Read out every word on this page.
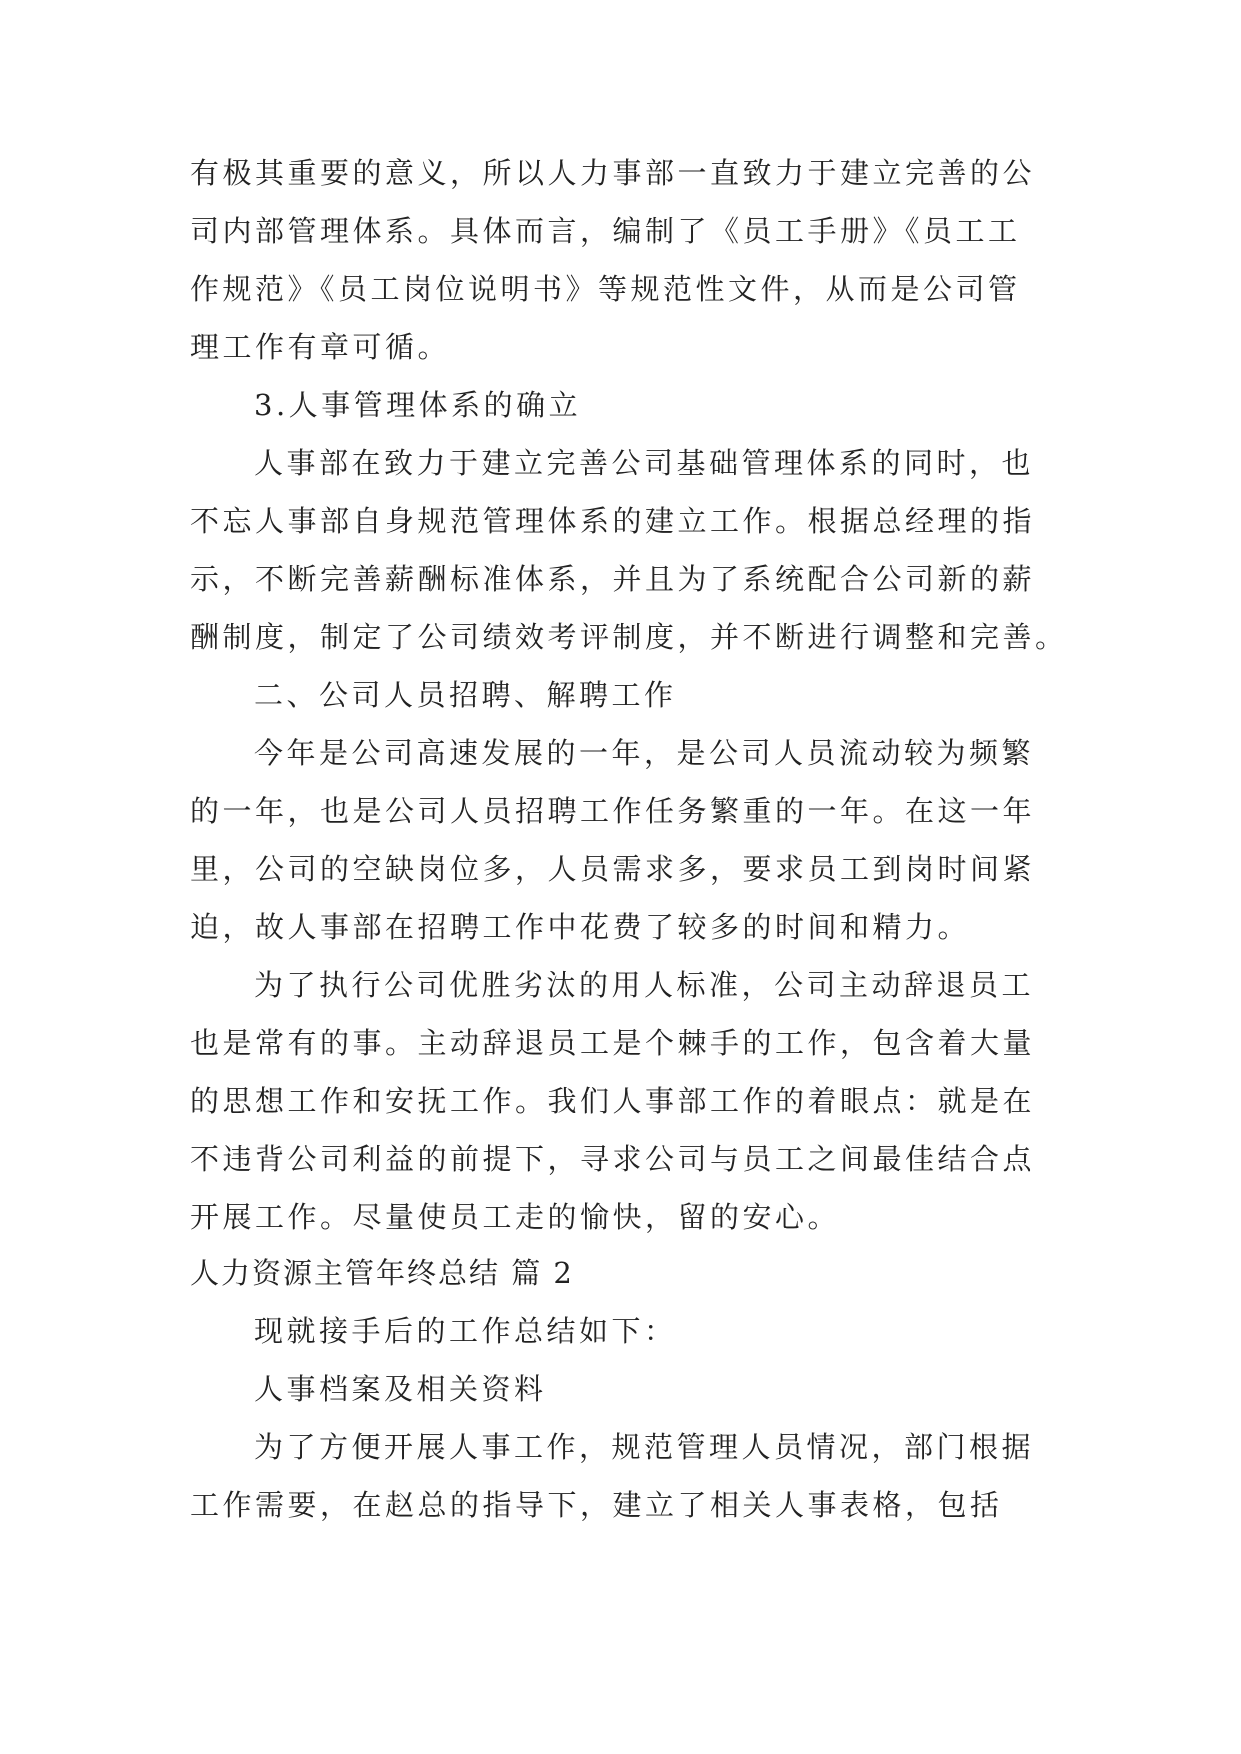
有极其重要的意义，所以人力事部一直致力于建立完善的公
司内部管理体系。具体而言，编制了《员工手册》《员工工
作规范》《员工岗位说明书》等规范性文件，从而是公司管
理工作有章可循。
3.人事管理体系的确立
人事部在致力于建立完善公司基础管理体系的同时，也
不忘人事部自身规范管理体系的建立工作。根据总经理的指
示，不断完善薪酬标准体系，并且为了系统配合公司新的薪
酬制度，制定了公司绩效考评制度，并不断进行调整和完善。
二、公司人员招聘、解聘工作
今年是公司高速发展的一年，是公司人员流动较为频繁
的一年，也是公司人员招聘工作任务繁重的一年。在这一年
里，公司的空缺岗位多，人员需求多，要求员工到岗时间紧
迫，故人事部在招聘工作中花费了较多的时间和精力。
为了执行公司优胜劣汰的用人标准，公司主动辞退员工
也是常有的事。主动辞退员工是个棘手的工作，包含着大量
的思想工作和安抚工作。我们人事部工作的着眼点：就是在
不违背公司利益的前提下，寻求公司与员工之间最佳结合点
开展工作。尽量使员工走的愉快，留的安心。
人力资源主管年终总结 篇 2
现就接手后的工作总结如下：
人事档案及相关资料
为了方便开展人事工作，规范管理人员情况，部门根据
工作需要，在赵总的指导下，建立了相关人事表格，包括
